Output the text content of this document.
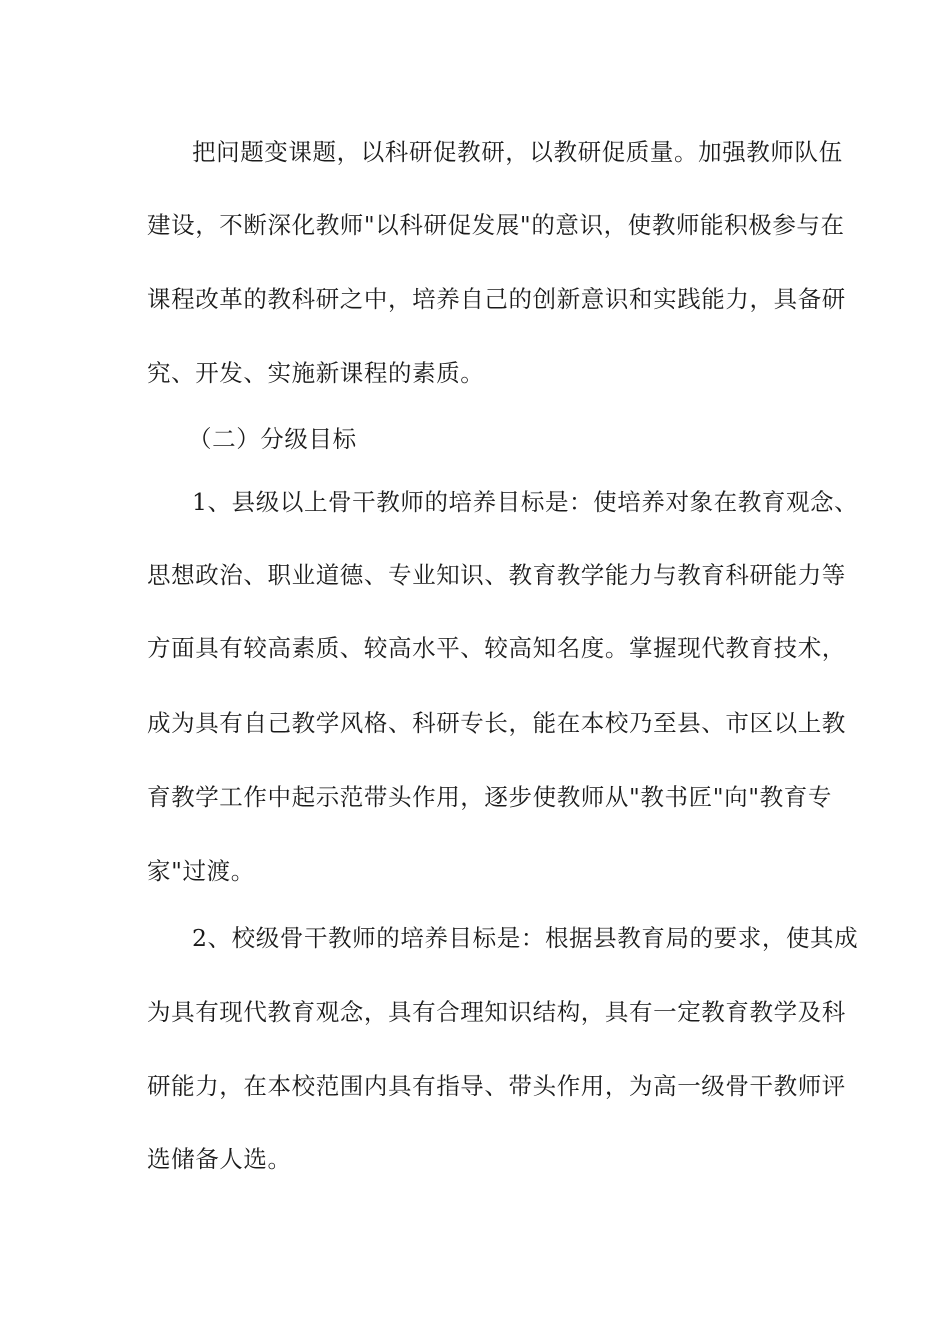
把问题变课题，以科研促教研，以教研促质量。加强教师队伍
建设，不断深化教师"以科研促发展"的意识，使教师能积极参与在
课程改革的教科研之中，培养自己的创新意识和实践能力，具备研
究、开发、实施新课程的素质。
（二）分级目标
1、县级以上骨干教师的培养目标是：使培养对象在教育观念、
思想政治、职业道德、专业知识、教育教学能力与教育科研能力等
方面具有较高素质、较高水平、较高知名度。掌握现代教育技术，
成为具有自己教学风格、科研专长，能在本校乃至县、市区以上教
育教学工作中起示范带头作用，逐步使教师从"教书匠"向"教育专
家"过渡。
2、校级骨干教师的培养目标是：根据县教育局的要求，使其成
为具有现代教育观念，具有合理知识结构，具有一定教育教学及科
研能力，在本校范围内具有指导、带头作用，为高一级骨干教师评
选储备人选。
